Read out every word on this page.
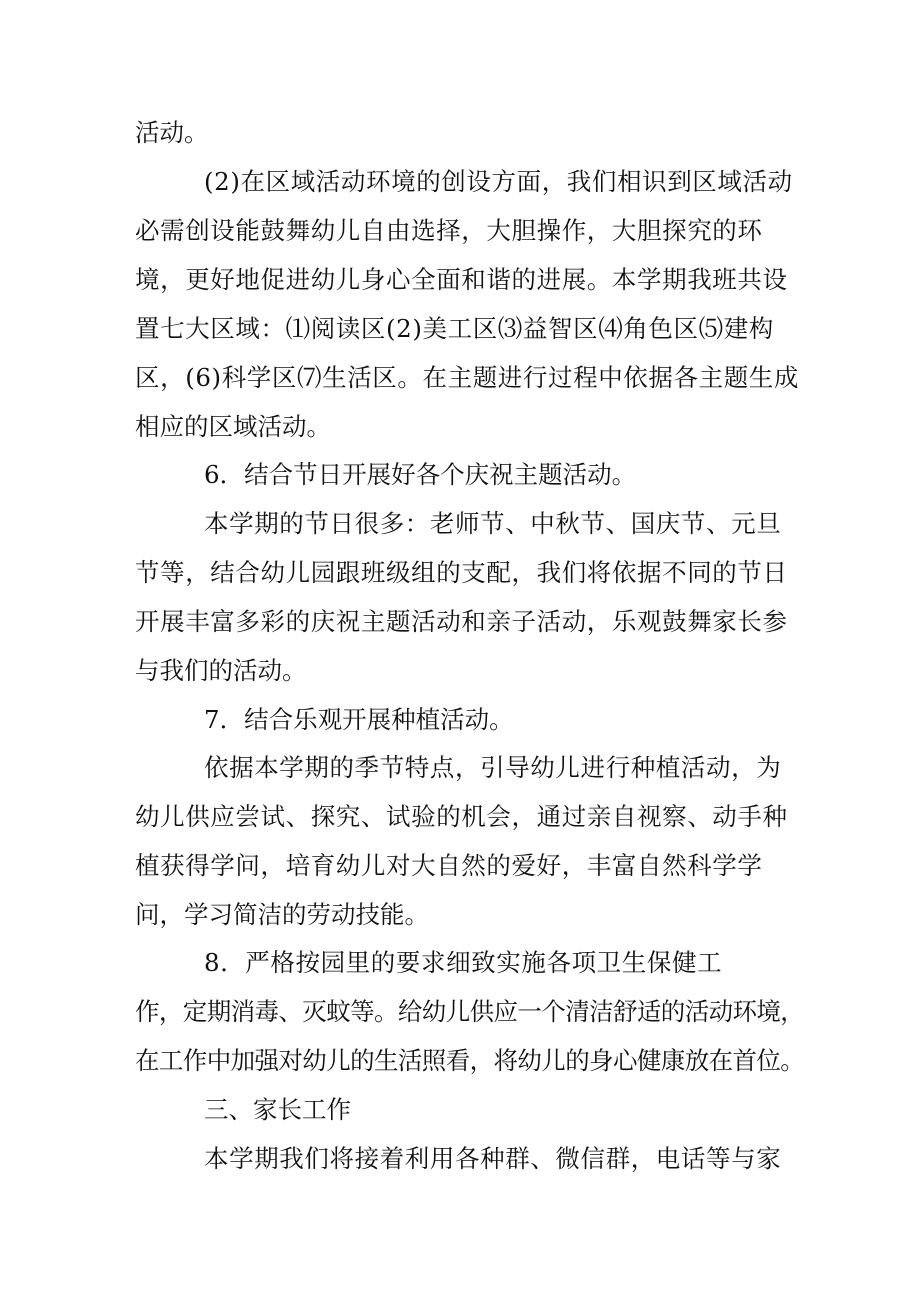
活动。

(2)在区域活动环境的创设方面，我们相识到区域活动

必需创设能鼓舞幼儿自由选择，大胆操作，大胆探究的环

境，更好地促进幼儿身心全面和谐的进展。本学期我班共设

置七大区域：⑴阅读区(2)美工区⑶益智区⑷角色区⑸建构

区，(6)科学区⑺生活区。在主题进行过程中依据各主题生成

相应的区域活动。

6．结合节日开展好各个庆祝主题活动。

本学期的节日很多：老师节、中秋节、国庆节、元旦

节等，结合幼儿园跟班级组的支配，我们将依据不同的节日

开展丰富多彩的庆祝主题活动和亲子活动，乐观鼓舞家长参

与我们的活动。

7．结合乐观开展种植活动。

依据本学期的季节特点，引导幼儿进行种植活动，为

幼儿供应尝试、探究、试验的机会，通过亲自视察、动手种

植获得学问，培育幼儿对大自然的爱好，丰富自然科学学

问，学习简洁的劳动技能。

8．严格按园里的要求细致实施各项卫生保健工

作，定期消毒、灭蚊等。给幼儿供应一个清洁舒适的活动环境，

在工作中加强对幼儿的生活照看，将幼儿的身心健康放在首位。

三、家长工作

本学期我们将接着利用各种群、微信群，电话等与家
